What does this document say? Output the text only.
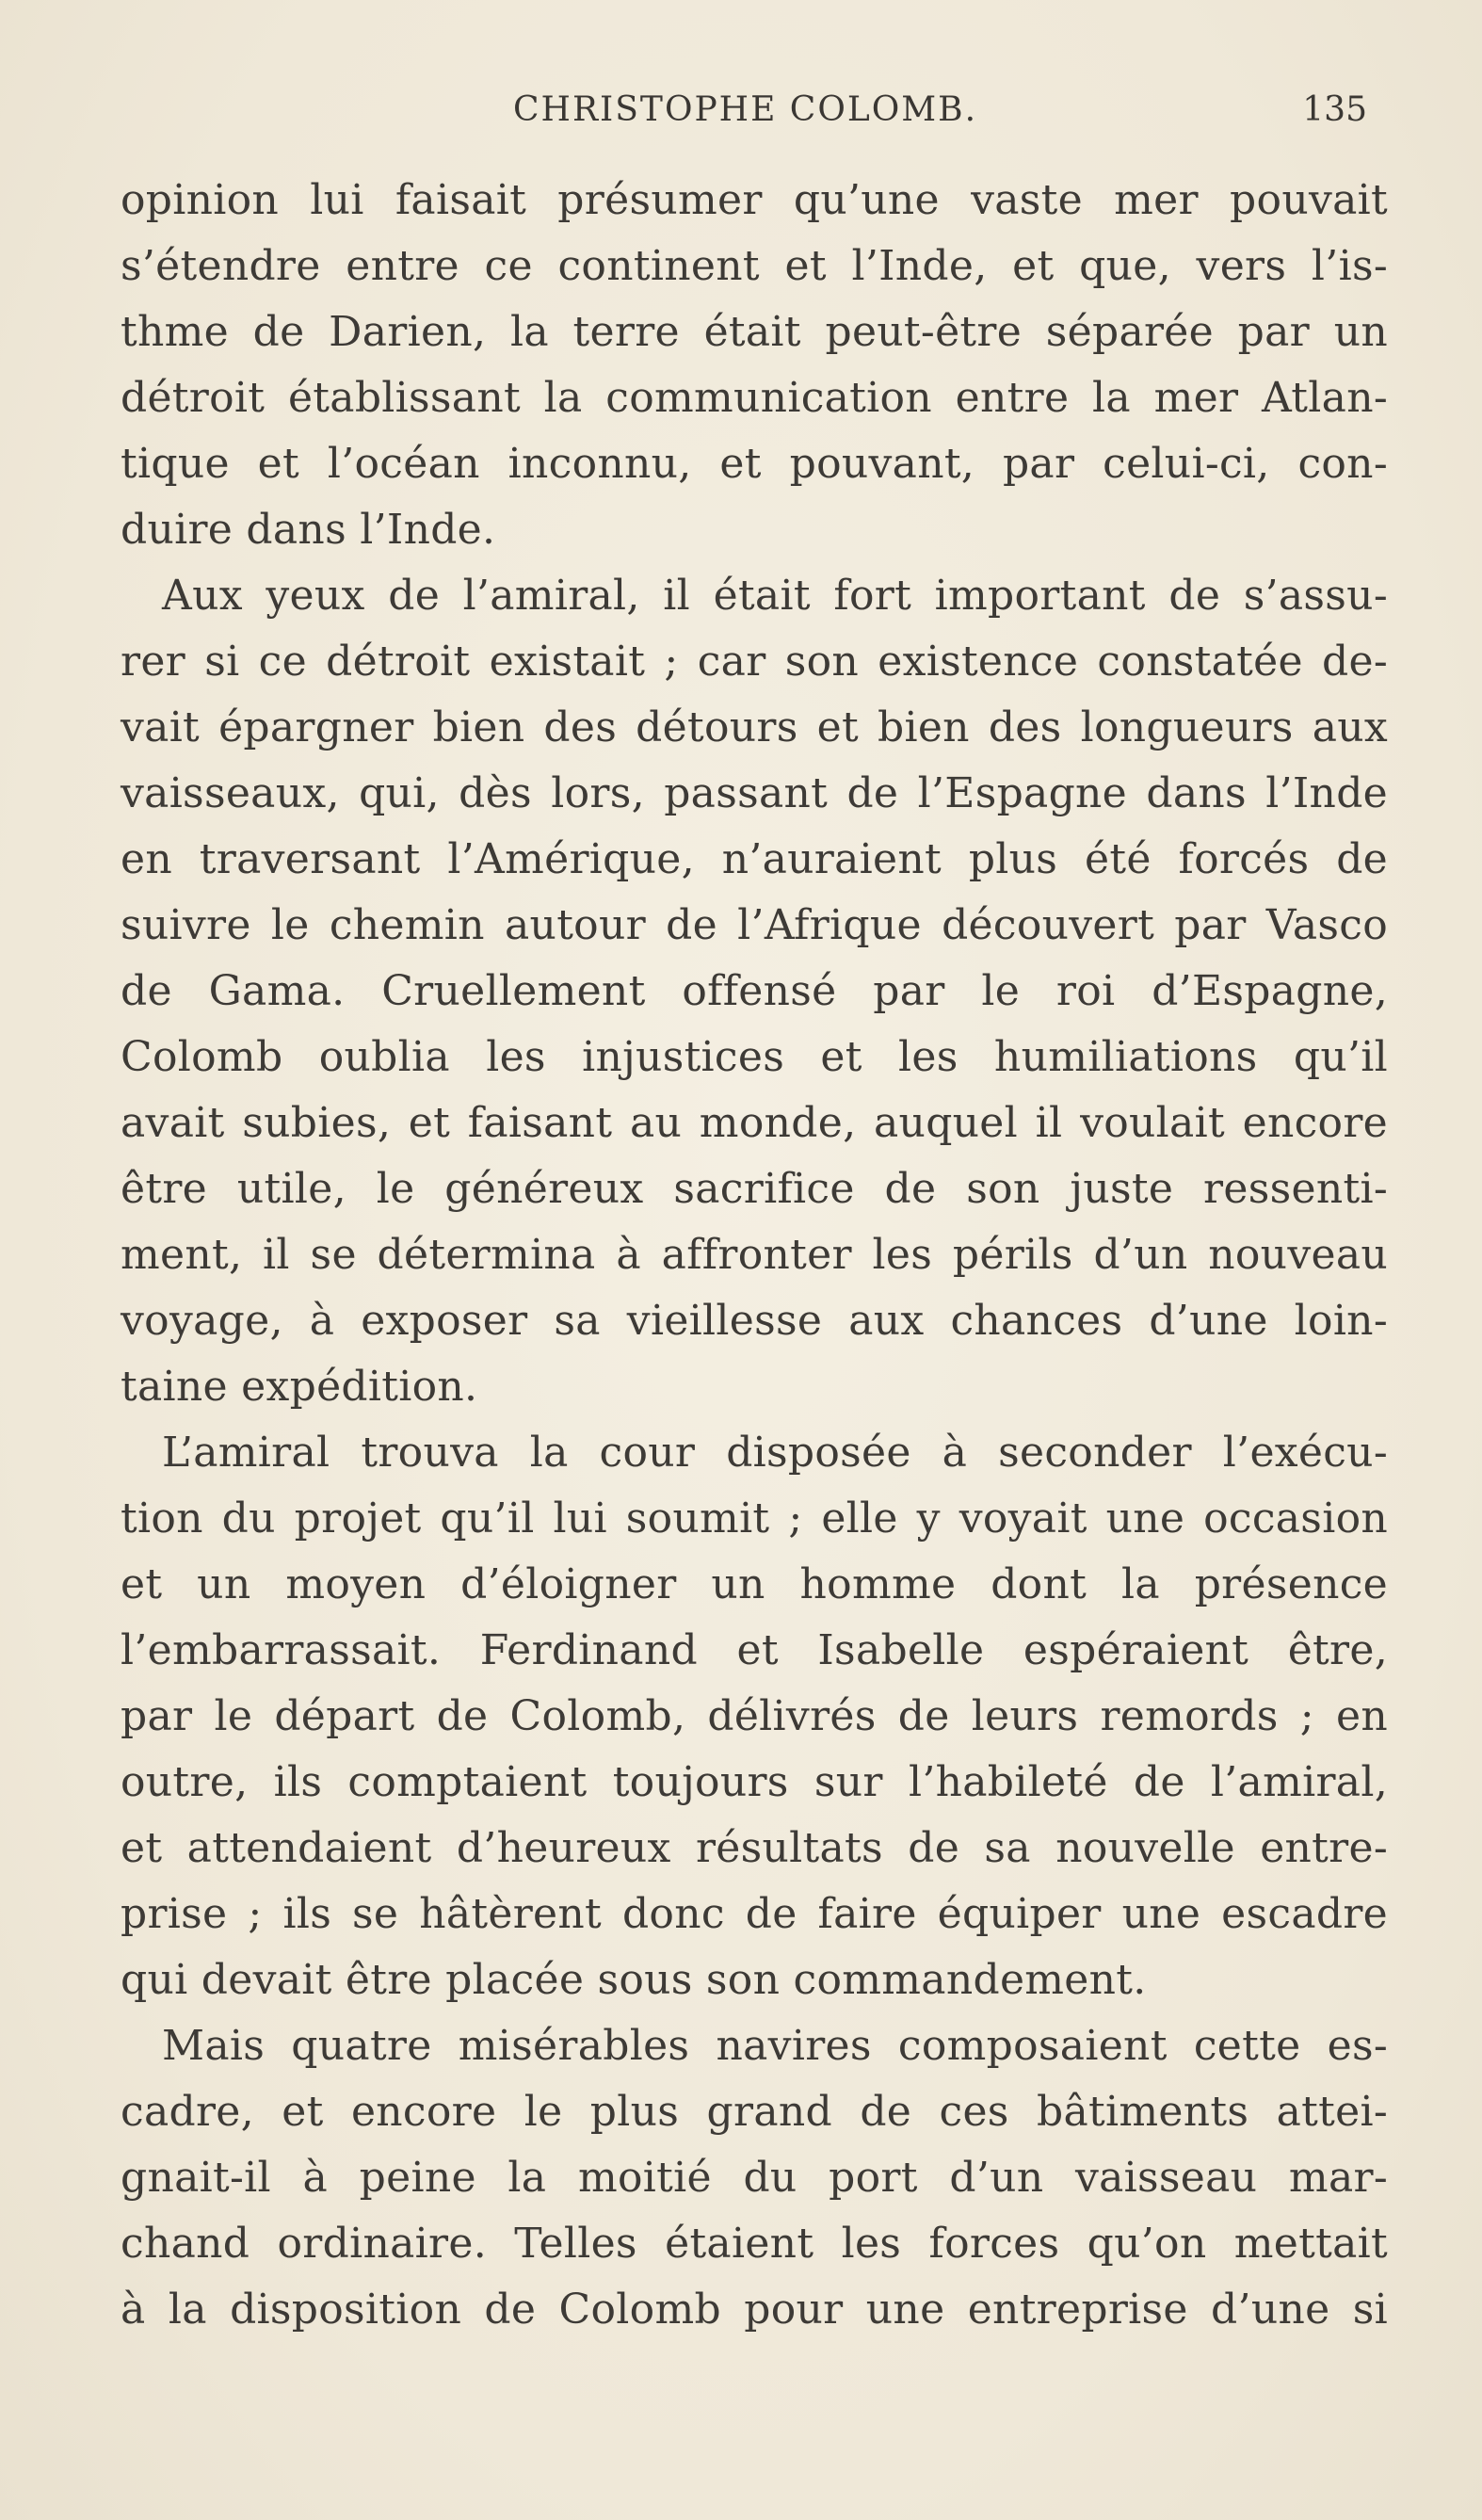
CHRISTOPHE COLOMB.	135
opinion lui faisait présumer qu’une vaste mer pouvait
s’étendre entre ce continent et l’Inde, et que, vers l’is-
thme de Darien, la terre était peut-être séparée par un
détroit établissant la communication entre la mer Atlan-
tique et l’océan inconnu, et pouvant, par celui-ci, con-
duire dans l’Inde.
Aux yeux de l’amiral, il était fort important de s’assu-
rer si ce détroit existait ; car son existence constatée de-
vait épargner bien des détours et bien des longueurs aux
vaisseaux, qui, dès lors, passant de l’Espagne dans l’Inde
en traversant l’Amérique, n’auraient plus été forcés de
suivre le chemin autour de l’Afrique découvert par Vasco
de Gama. Cruellement offensé par le roi d’Espagne,
Colomb oublia les injustices et les humiliations qu’il
avait subies, et faisant au monde, auquel il voulait encore
être utile, le généreux sacrifice de son juste ressenti-
ment, il se détermina à affronter les périls d’un nouveau
voyage, à exposer sa vieillesse aux chances d’une loin-
taine expédition.
L’amiral trouva la cour disposée à seconder l’exécu-
tion du projet qu’il lui soumit ; elle y voyait une occasion
et un moyen d’éloigner un homme dont la présence
l’embarrassait. Ferdinand et Isabelle espéraient être,
par le départ de Colomb, délivrés de leurs remords ; en
outre, ils comptaient toujours sur l’habileté de l’amiral,
et attendaient d’heureux résultats de sa nouvelle entre-
prise ; ils se hâtèrent donc de faire équiper une escadre
qui devait être placée sous son commandement.
Mais quatre misérables navires composaient cette es-
cadre, et encore le plus grand de ces bâtiments attei-
gnait-il à peine la moitié du port d’un vaisseau mar-
chand ordinaire. Telles étaient les forces qu’on mettait
à la disposition de Colomb pour une entreprise d’une si
